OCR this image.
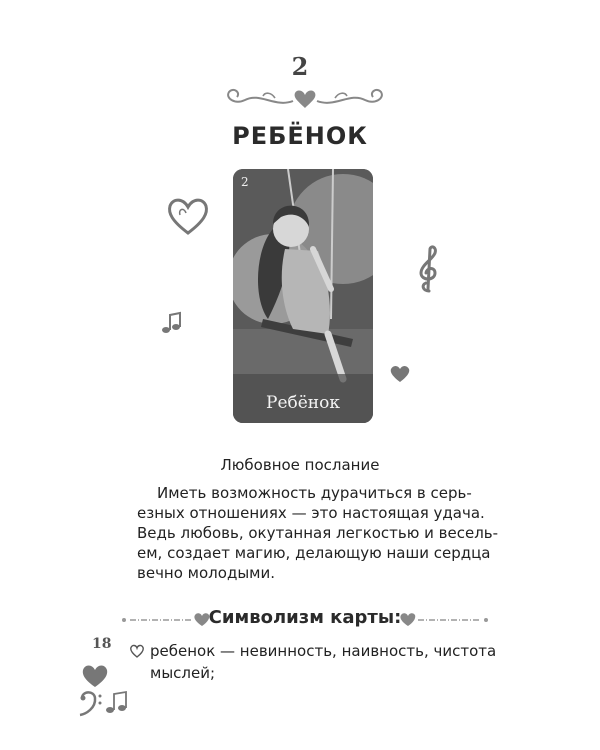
2
РЕБЁНОК
2
Ребёнок
Любовное послание
Иметь возможность дурачиться в серь-
езных отношениях — это настоящая удача.
Ведь любовь, окутанная легкостью и весель-
ем, создает магию, делающую наши сердца
вечно молодыми.
Символизм карты:
18	ребенок — невинность, наивность, чистота
мыслей;
